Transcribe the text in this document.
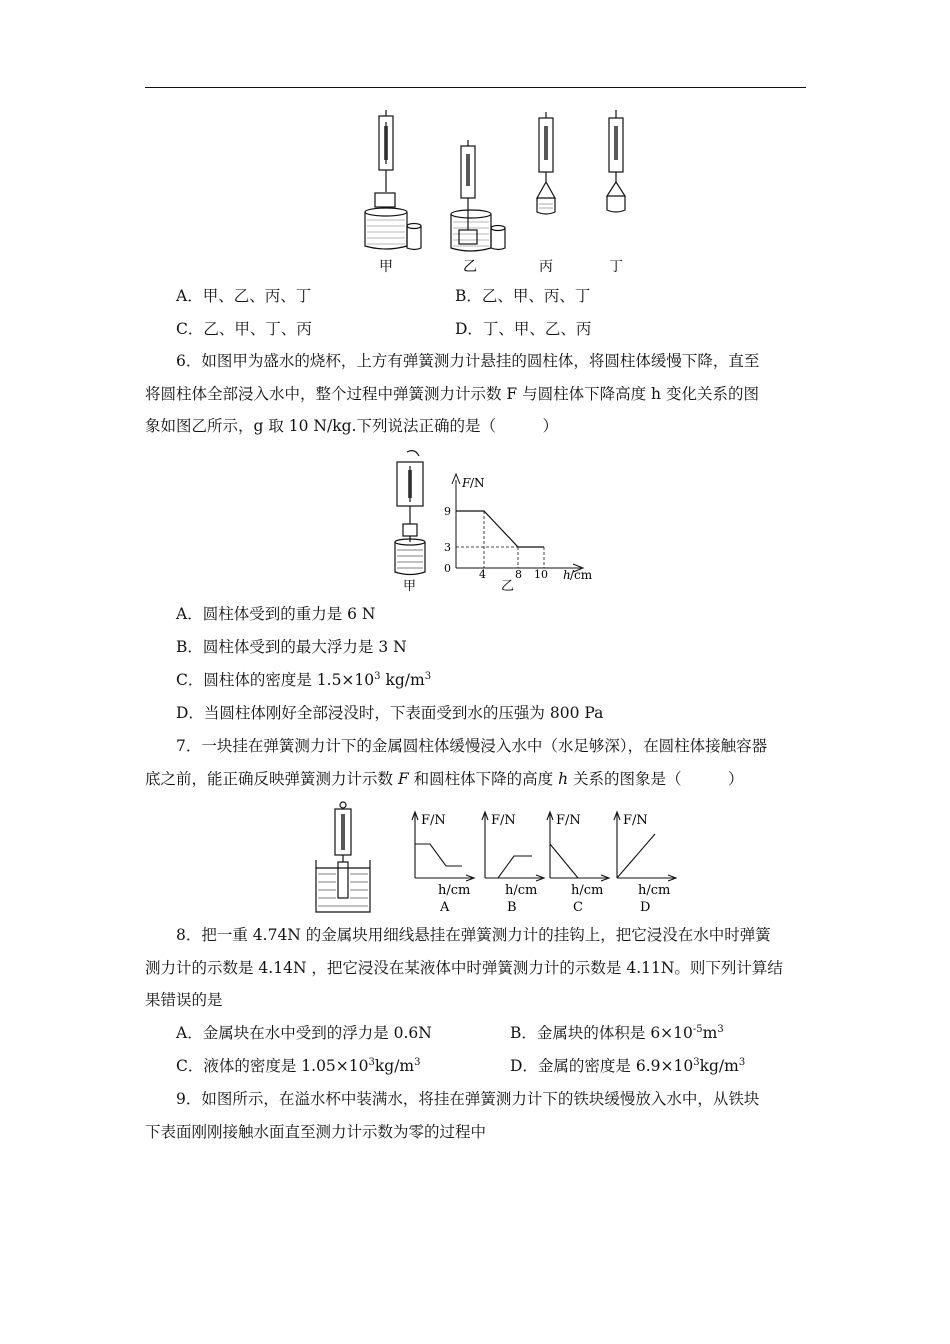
甲	乙	丙	丁
A．甲、乙、丙、丁	B．乙、甲、丙、丁
C．乙、甲、丁、丙	D．丁、甲、乙、丙
6．如图甲为盛水的烧杯，上方有弹簧测力计悬挂的圆柱体，将圆柱体缓慢下降，直至
将圆柱体全部浸入水中，整个过程中弹簧测力计示数 F 与圆柱体下降高度 h 变化关系的图
象如图乙所示，g 取 10 N/kg.下列说法正确的是（　　　）
甲
F /N
9
3
0	4	8 10 h /cm
乙
A．圆柱体受到的重力是 6 N
B．圆柱体受到的最大浮力是 3 N
C．圆柱体的密度是 $1.5\times 10^3$ $kg/m^3$
D．当圆柱体刚好全部浸没时，下表面受到水的压强为 800 Pa
7．一块挂在弹簧测力计下的金属圆柱体缓慢浸入水中（水足够深），在圆柱体接触容器
底之前，能正确反映弹簧测力计示数 F 和圆柱体下降的高度 h 关系的图象是（　　　）
F/N	F/N	F/N	F/N
h/cm	h/cm	h/cm	h/cm
A	B	C	D
8．把一重 4.74N 的金属块用细线悬挂在弹簧测力计的挂钩上，把它浸没在水中时弹簧
测力计的示数是 4.14N ，把它浸没在某液体中时弹簧测力计的示数是 4.11N。则下列计算结
果错误的是
A．金属块在水中受到的浮力是 0.6N	B．金属块的体积是 $6\times 10^{-5}m^3$
C．液体的密度是 $1.05\times 10^3kg/m^3$	D．金属的密度是 $6.9\times 10^3kg/m^3$
9．如图所示，在溢水杯中装满水，将挂在弹簧测力计下的铁块缓慢放入水中，从铁块
下表面刚刚接触水面直至测力计示数为零的过程中
